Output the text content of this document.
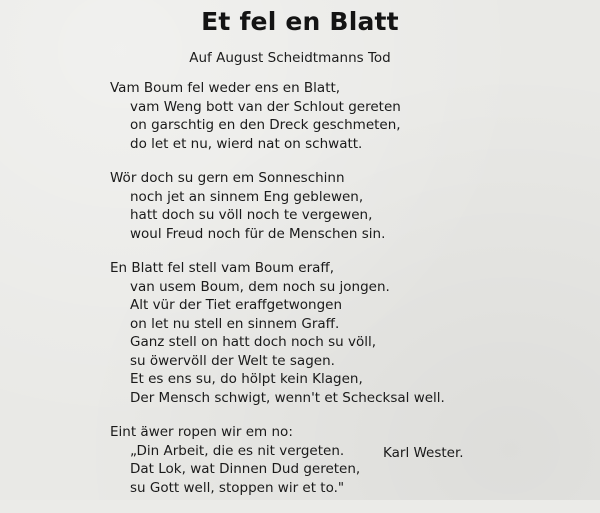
Et fel en Blatt
Auf August Scheidtmanns Tod
Vam Boum fel weder ens en Blatt,
vam Weng bott van der Schlout gereten
on garschtig en den Dreck geschmeten,
do let et nu, wierd nat on schwatt.
Wör doch su gern em Sonneschinn
noch jet an sinnem Eng geblewen,
hatt doch su völl noch te vergewen,
woul Freud noch für de Menschen sin.
En Blatt fel stell vam Boum eraff,
van usem Boum, dem noch su jongen.
Alt vür der Tiet eraffgetwongen
on let nu stell en sinnem Graff.
Ganz stell on hatt doch noch su völl,
su öwervöll der Welt te sagen.
Et es ens su, do hölpt kein Klagen,
Der Mensch schwigt, wenn't et Schecksal well.
Eint äwer ropen wir em no:
„Din Arbeit, die es nit vergeten.
Dat Lok, wat Dinnen Dud gereten,
su Gott well, stoppen wir et to."
Karl Wester.
